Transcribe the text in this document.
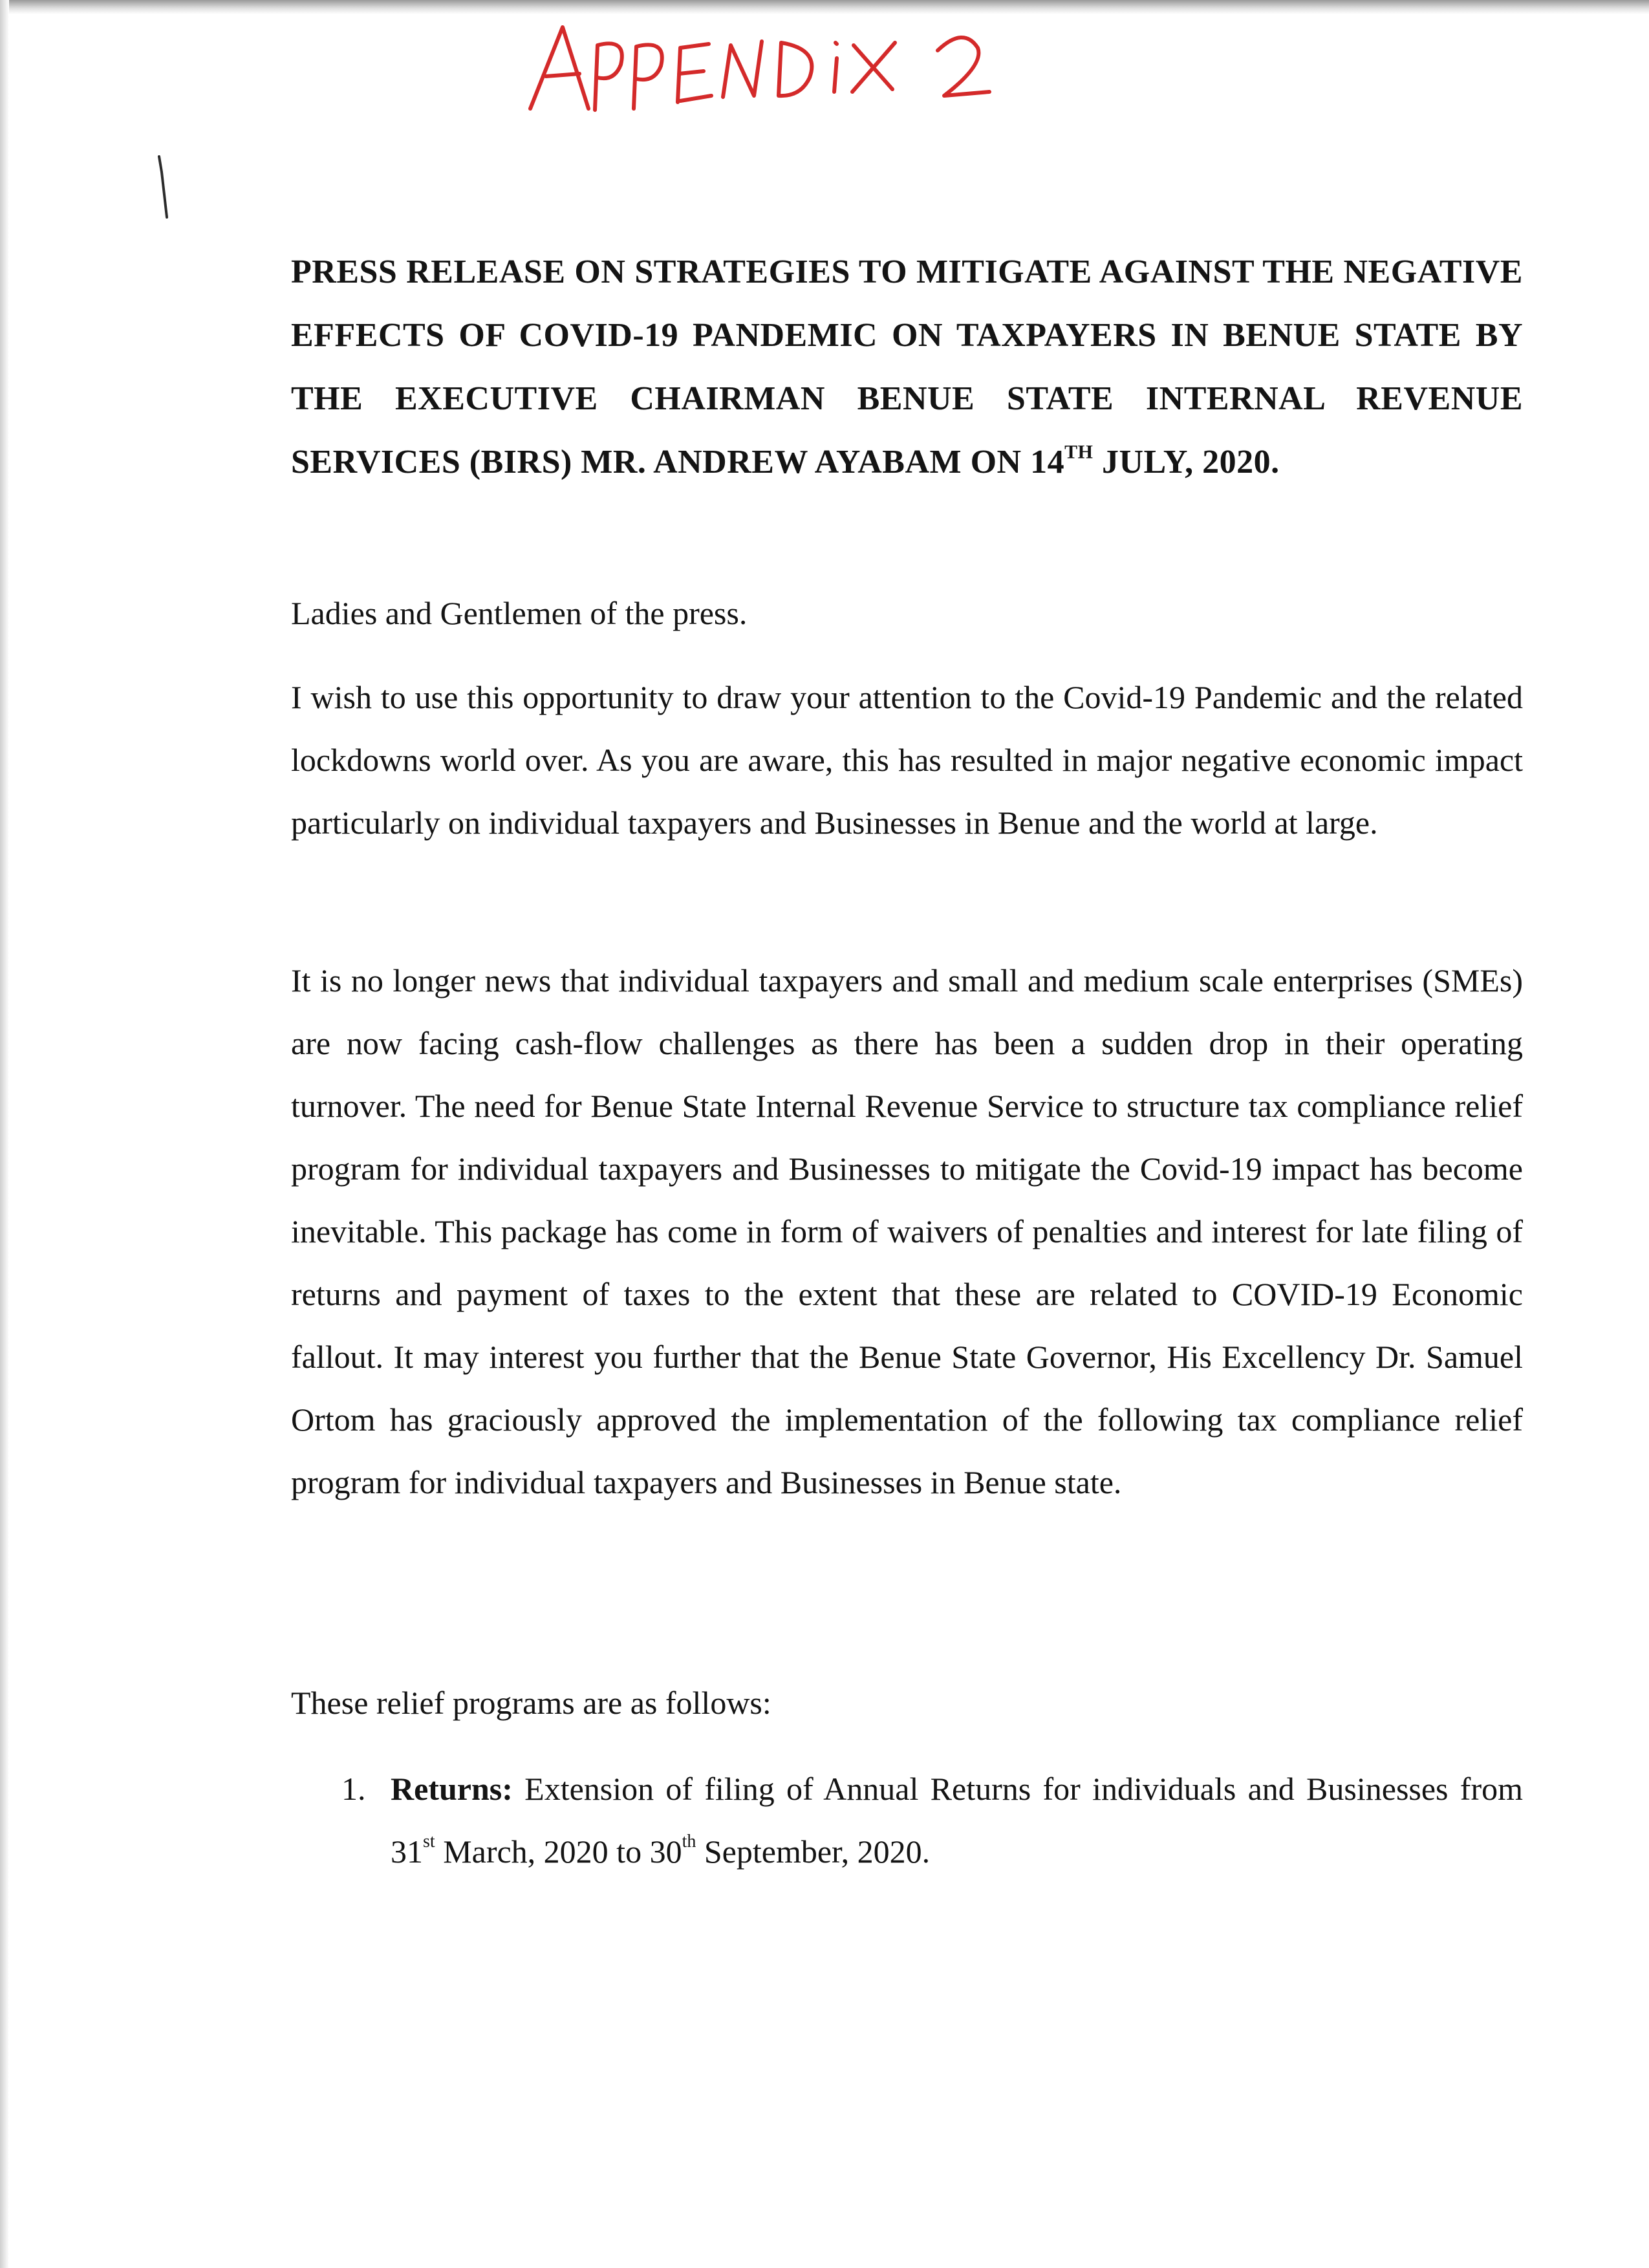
PRESS RELEASE ON STRATEGIES TO MITIGATE AGAINST THE NEGATIVE EFFECTS OF COVID-19 PANDEMIC ON TAXPAYERS IN BENUE STATE BY THE EXECUTIVE CHAIRMAN BENUE STATE INTERNAL REVENUE SERVICES (BIRS) MR. ANDREW AYABAM ON 14TH JULY, 2020.

Ladies and Gentlemen of the press.

I wish to use this opportunity to draw your attention to the Covid-19 Pandemic and the related lockdowns world over. As you are aware, this has resulted in major negative economic impact particularly on individual taxpayers and Businesses in Benue and the world at large.

It is no longer news that individual taxpayers and small and medium scale enterprises (SMEs) are now facing cash-flow challenges as there has been a sudden drop in their operating turnover. The need for Benue State Internal Revenue Service to structure tax compliance relief program for individual taxpayers and Businesses to mitigate the Covid-19 impact has become inevitable. This package has come in form of waivers of penalties and interest for late filing of returns and payment of taxes to the extent that these are related to COVID-19 Economic fallout. It may interest you further that the Benue State Governor, His Excellency Dr. Samuel Ortom has graciously approved the implementation of the following tax compliance relief program for individual taxpayers and Businesses in Benue state.

These relief programs are as follows:

1. Returns: Extension of filing of Annual Returns for individuals and Businesses from 31st March, 2020 to 30th September, 2020.
